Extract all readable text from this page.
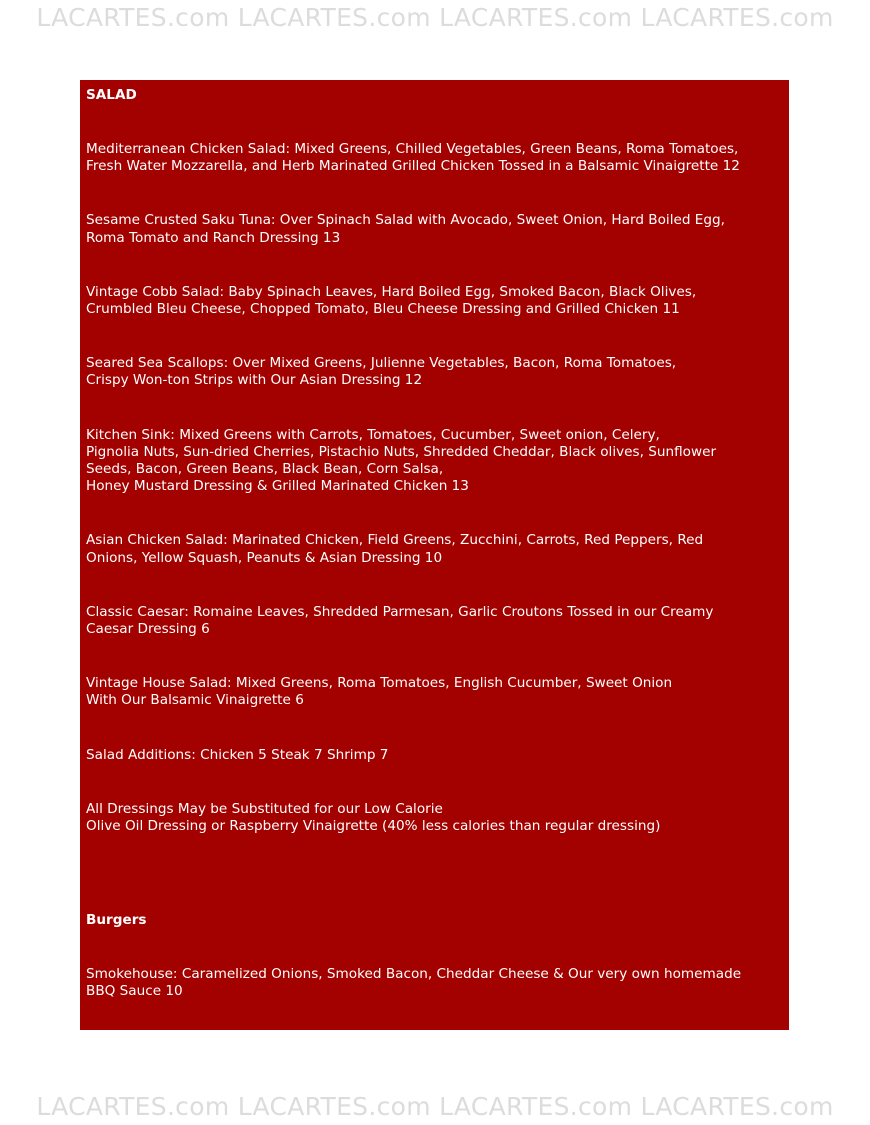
LACARTES.com LACARTES.com LACARTES.com LACARTES.com
SALAD
Mediterranean Chicken Salad: Mixed Greens, Chilled Vegetables, Green Beans, Roma Tomatoes,
Fresh Water Mozzarella, and Herb Marinated Grilled Chicken Tossed in a Balsamic Vinaigrette 12
Sesame Crusted Saku Tuna: Over Spinach Salad with Avocado, Sweet Onion, Hard Boiled Egg,
Roma Tomato and Ranch Dressing 13
Vintage Cobb Salad: Baby Spinach Leaves, Hard Boiled Egg, Smoked Bacon, Black Olives,
Crumbled Bleu Cheese, Chopped Tomato, Bleu Cheese Dressing and Grilled Chicken 11
Seared Sea Scallops: Over Mixed Greens, Julienne Vegetables, Bacon, Roma Tomatoes,
Crispy Won-ton Strips with Our Asian Dressing 12
Kitchen Sink: Mixed Greens with Carrots, Tomatoes, Cucumber, Sweet onion, Celery,
Pignolia Nuts, Sun-dried Cherries, Pistachio Nuts, Shredded Cheddar, Black olives, Sunflower
Seeds, Bacon, Green Beans, Black Bean, Corn Salsa,
Honey Mustard Dressing & Grilled Marinated Chicken 13
Asian Chicken Salad: Marinated Chicken, Field Greens, Zucchini, Carrots, Red Peppers, Red
Onions, Yellow Squash, Peanuts & Asian Dressing 10
Classic Caesar: Romaine Leaves, Shredded Parmesan, Garlic Croutons Tossed in our Creamy
Caesar Dressing 6
Vintage House Salad: Mixed Greens, Roma Tomatoes, English Cucumber, Sweet Onion
With Our Balsamic Vinaigrette 6
Salad Additions: Chicken 5 Steak 7 Shrimp 7
All Dressings May be Substituted for our Low Calorie
Olive Oil Dressing or Raspberry Vinaigrette (40% less calories than regular dressing)
Burgers
Smokehouse: Caramelized Onions, Smoked Bacon, Cheddar Cheese & Our very own homemade
BBQ Sauce 10
LACARTES.com LACARTES.com LACARTES.com LACARTES.com
